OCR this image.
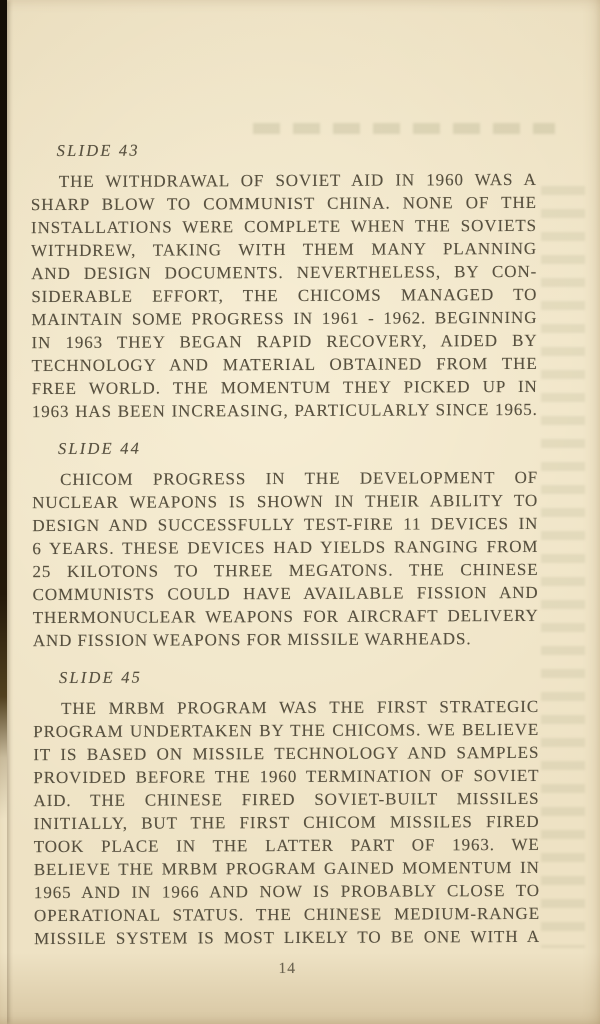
SLIDE 43
THE WITHDRAWAL OF SOVIET AID IN 1960 WAS A
SHARP BLOW TO COMMUNIST CHINA. NONE OF THE
INSTALLATIONS WERE COMPLETE WHEN THE SOVIETS
WITHDREW, TAKING WITH THEM MANY PLANNING
AND DESIGN DOCUMENTS. NEVERTHELESS, BY CON-
SIDERABLE EFFORT, THE CHICOMS MANAGED TO
MAINTAIN SOME PROGRESS IN 1961 - 1962. BEGINNING
IN 1963 THEY BEGAN RAPID RECOVERY, AIDED BY
TECHNOLOGY AND MATERIAL OBTAINED FROM THE
FREE WORLD. THE MOMENTUM THEY PICKED UP IN
1963 HAS BEEN INCREASING, PARTICULARLY SINCE 1965.
SLIDE 44
CHICOM PROGRESS IN THE DEVELOPMENT OF
NUCLEAR WEAPONS IS SHOWN IN THEIR ABILITY TO
DESIGN AND SUCCESSFULLY TEST-FIRE 11 DEVICES IN
6 YEARS. THESE DEVICES HAD YIELDS RANGING FROM
25 KILOTONS TO THREE MEGATONS. THE CHINESE
COMMUNISTS COULD HAVE AVAILABLE FISSION AND
THERMONUCLEAR WEAPONS FOR AIRCRAFT DELIVERY
AND FISSION WEAPONS FOR MISSILE WARHEADS.
SLIDE 45
THE MRBM PROGRAM WAS THE FIRST STRATEGIC
PROGRAM UNDERTAKEN BY THE CHICOMS. WE BELIEVE
IT IS BASED ON MISSILE TECHNOLOGY AND SAMPLES
PROVIDED BEFORE THE 1960 TERMINATION OF SOVIET
AID. THE CHINESE FIRED SOVIET-BUILT MISSILES
INITIALLY, BUT THE FIRST CHICOM MISSILES FIRED
TOOK PLACE IN THE LATTER PART OF 1963. WE
BELIEVE THE MRBM PROGRAM GAINED MOMENTUM IN
1965 AND IN 1966 AND NOW IS PROBABLY CLOSE TO
OPERATIONAL STATUS. THE CHINESE MEDIUM-RANGE
MISSILE SYSTEM IS MOST LIKELY TO BE ONE WITH A
14
